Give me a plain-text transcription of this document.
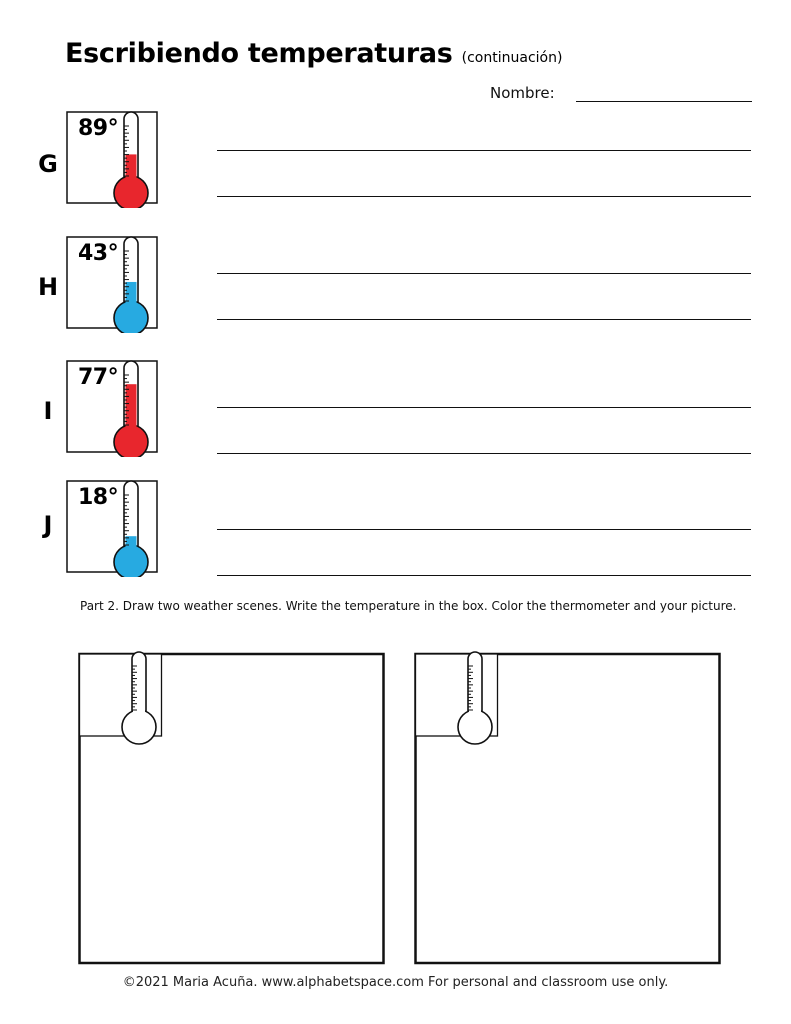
Escribiendo temperaturas (continuación)
Nombre:
G
89°
H
43°
I
77°
J
18°
Part 2. Draw two weather scenes. Write the temperature in the box. Color the thermometer and your picture.
©2021 Maria Acuña. www.alphabetspace.com For personal and classroom use only.
